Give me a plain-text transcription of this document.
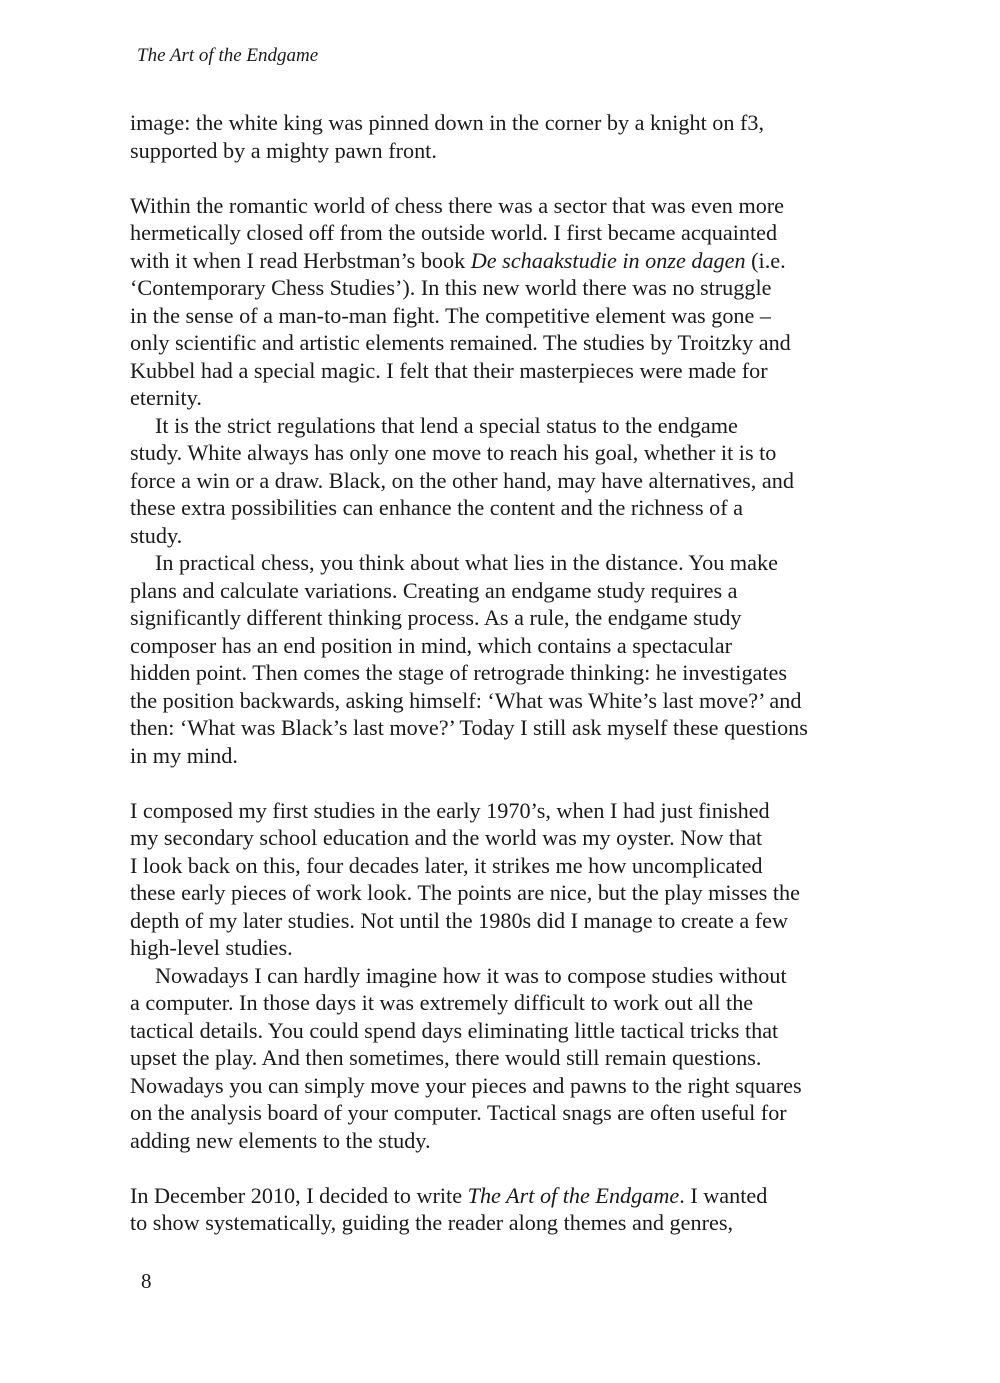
The Art of the Endgame
image: the white king was pinned down in the corner by a knight on f3,
supported by a mighty pawn front.
Within the romantic world of chess there was a sector that was even more
hermetically closed off from the outside world. I first became acquainted
with it when I read Herbstman’s book De schaakstudie in onze dagen (i.e.
‘Contemporary Chess Studies’). In this new world there was no struggle
in the sense of a man-to-man fight. The competitive element was gone –
only scientific and artistic elements remained. The studies by Troitzky and
Kubbel had a special magic. I felt that their masterpieces were made for
eternity.
It is the strict regulations that lend a special status to the endgame
study. White always has only one move to reach his goal, whether it is to
force a win or a draw. Black, on the other hand, may have alternatives, and
these extra possibilities can enhance the content and the richness of a
study.
In practical chess, you think about what lies in the distance. You make
plans and calculate variations. Creating an endgame study requires a
significantly different thinking process. As a rule, the endgame study
composer has an end position in mind, which contains a spectacular
hidden point. Then comes the stage of retrograde thinking: he investigates
the position backwards, asking himself: ‘What was White’s last move?’ and
then: ‘What was Black’s last move?’ Today I still ask myself these questions
in my mind.
I composed my first studies in the early 1970’s, when I had just finished
my secondary school education and the world was my oyster. Now that
I look back on this, four decades later, it strikes me how uncomplicated
these early pieces of work look. The points are nice, but the play misses the
depth of my later studies. Not until the 1980s did I manage to create a few
high-level studies.
Nowadays I can hardly imagine how it was to compose studies without
a computer. In those days it was extremely difficult to work out all the
tactical details. You could spend days eliminating little tactical tricks that
upset the play. And then sometimes, there would still remain questions.
Nowadays you can simply move your pieces and pawns to the right squares
on the analysis board of your computer. Tactical snags are often useful for
adding new elements to the study.
In December 2010, I decided to write The Art of the Endgame. I wanted
to show systematically, guiding the reader along themes and genres,
8
